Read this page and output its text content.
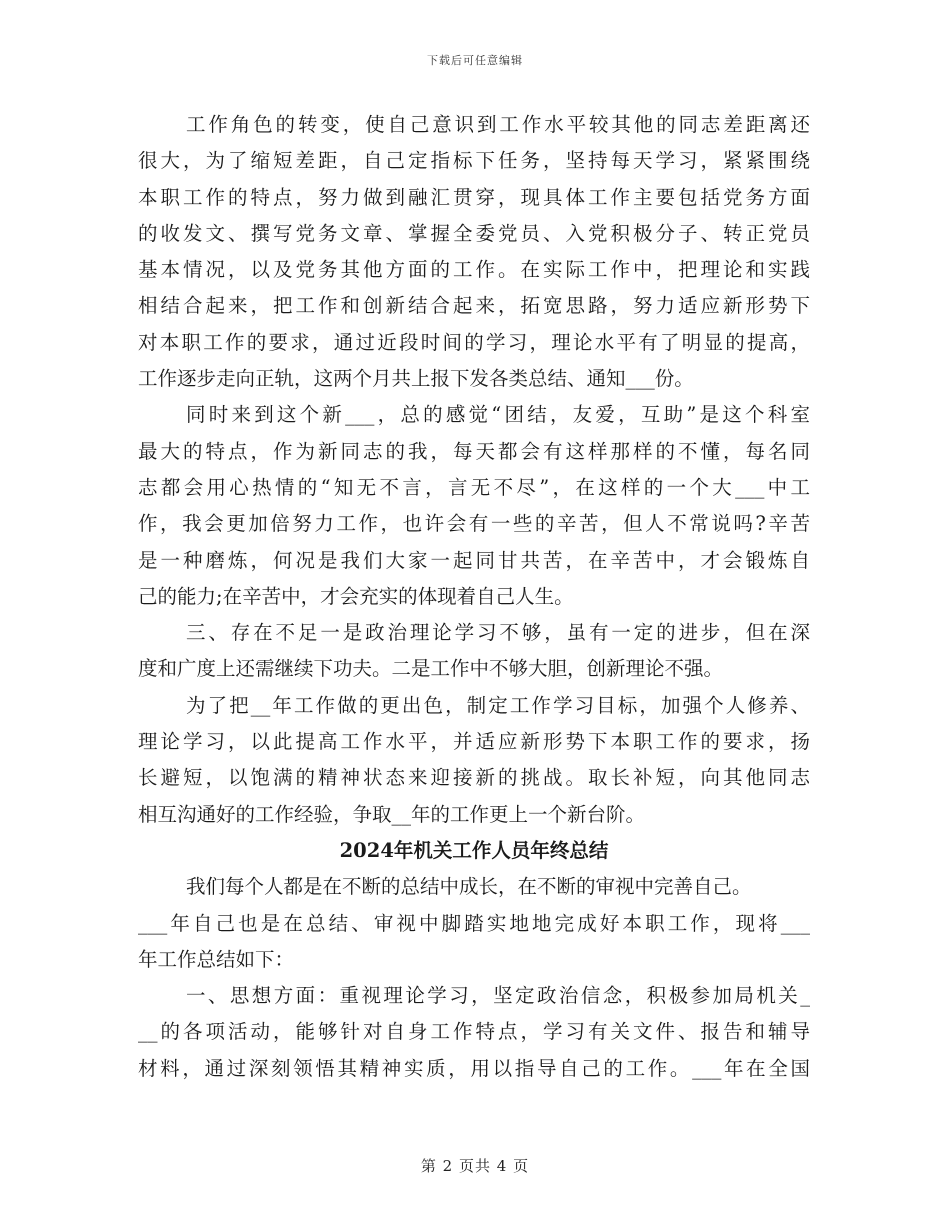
下载后可任意编辑
工作角色的转变，使自己意识到工作水平较其他的同志差距离还
很大，为了缩短差距，自己定指标下任务，坚持每天学习，紧紧围绕
本职工作的特点，努力做到融汇贯穿，现具体工作主要包括党务方面
的收发文、撰写党务文章、掌握全委党员、入党积极分子、转正党员
基本情况，以及党务其他方面的工作。在实际工作中，把理论和实践
相结合起来，把工作和创新结合起来，拓宽思路，努力适应新形势下
对本职工作的要求，通过近段时间的学习，理论水平有了明显的提高，
工作逐步走向正轨，这两个月共上报下发各类总结、通知___份。
同时来到这个新___，总的感觉“团结，友爱，互助”是这个科室
最大的特点，作为新同志的我，每天都会有这样那样的不懂，每名同
志都会用心热情的“知无不言，言无不尽”，在这样的一个大___中工
作，我会更加倍努力工作，也许会有一些的辛苦，但人不常说吗?辛苦
是一种磨炼，何况是我们大家一起同甘共苦，在辛苦中，才会锻炼自
己的能力;在辛苦中，才会充实的体现着自己人生。
三、存在不足一是政治理论学习不够，虽有一定的进步，但在深
度和广度上还需继续下功夫。二是工作中不够大胆，创新理论不强。
为了把__年工作做的更出色，制定工作学习目标，加强个人修养、
理论学习，以此提高工作水平，并适应新形势下本职工作的要求，扬
长避短，以饱满的精神状态来迎接新的挑战。取长补短，向其他同志
相互沟通好的工作经验，争取__年的工作更上一个新台阶。
2024年机关工作人员年终总结
我们每个人都是在不断的总结中成长，在不断的审视中完善自己。
___年自己也是在总结、审视中脚踏实地地完成好本职工作，现将___
年工作总结如下：
一、思想方面：重视理论学习，坚定政治信念，积极参加局机关_
__的各项活动，能够针对自身工作特点，学习有关文件、报告和辅导
材料，通过深刻领悟其精神实质，用以指导自己的工作。___年在全国
第 2 页共 4 页
